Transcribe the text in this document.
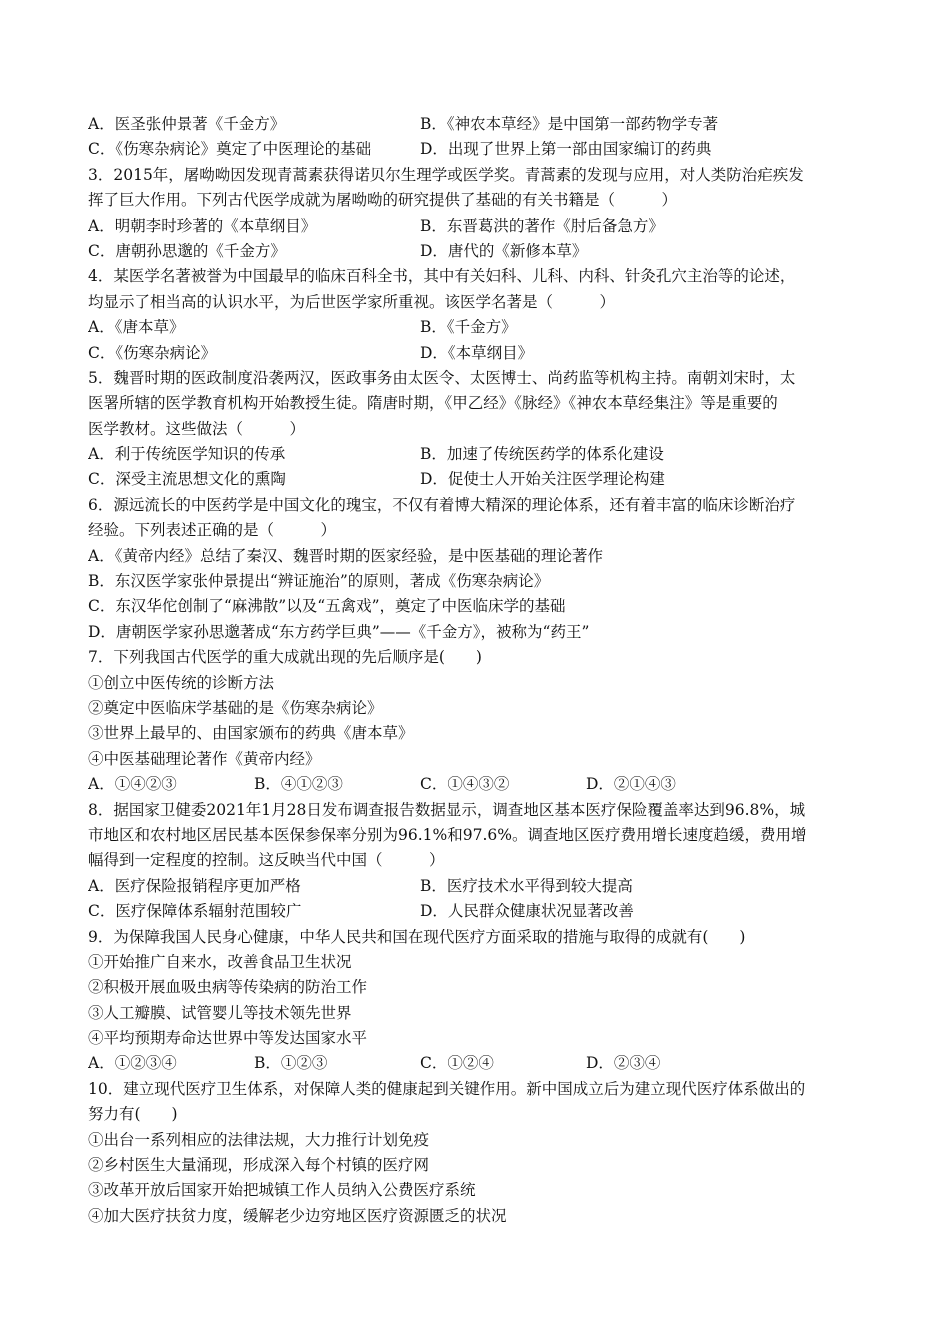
A．医圣张仲景著《千金方》	B．《神农本草经》是中国第一部药物学专著
C．《伤寒杂病论》奠定了中医理论的基础	D．出现了世界上第一部由国家编订的药典
3．2015年，屠呦呦因发现青蒿素获得诺贝尔生理学或医学奖。青蒿素的发现与应用，对人类防治疟疾发
挥了巨大作用。下列古代医学成就为屠呦呦的研究提供了基础的有关书籍是（　　　）
A．明朝李时珍著的《本草纲目》	B．东晋葛洪的著作《肘后备急方》
C．唐朝孙思邈的《千金方》	D．唐代的《新修本草》
4．某医学名著被誉为中国最早的临床百科全书，其中有关妇科、儿科、内科、针灸孔穴主治等的论述，
均显示了相当高的认识水平，为后世医学家所重视。该医学名著是（　　　）
A．《唐本草》	B．《千金方》
C．《伤寒杂病论》	D．《本草纲目》
5．魏晋时期的医政制度沿袭两汉，医政事务由太医令、太医博士、尚药监等机构主持。南朝刘宋时，太
医署所辖的医学教育机构开始教授生徒。隋唐时期，《甲乙经》《脉经》《神农本草经集注》等是重要的
医学教材。这些做法（　　　）
A．利于传统医学知识的传承	B．加速了传统医药学的体系化建设
C．深受主流思想文化的熏陶	D．促使士人开始关注医学理论构建
6．源远流长的中医药学是中国文化的瑰宝，不仅有着博大精深的理论体系，还有着丰富的临床诊断治疗
经验。下列表述正确的是（　　　）
A．《黄帝内经》总结了秦汉、魏晋时期的医家经验，是中医基础的理论著作
B．东汉医学家张仲景提出“辨证施治”的原则，著成《伤寒杂病论》
C．东汉华佗创制了“麻沸散”以及“五禽戏”，奠定了中医临床学的基础
D．唐朝医学家孙思邈著成“东方药学巨典”——《千金方》，被称为“药王”
7．下列我国古代医学的重大成就出现的先后顺序是(　　)
①创立中医传统的诊断方法
②奠定中医临床学基础的是《伤寒杂病论》
③世界上最早的、由国家颁布的药典《唐本草》
④中医基础理论著作《黄帝内经》
A．①④②③	B．④①②③	C．①④③②	D．②①④③
8．据国家卫健委2021年1月28日发布调查报告数据显示，调查地区基本医疗保险覆盖率达到96.8%，城
市地区和农村地区居民基本医保参保率分别为96.1%和97.6%。调查地区医疗费用增长速度趋缓，费用增
幅得到一定程度的控制。这反映当代中国（　　　）
A．医疗保险报销程序更加严格	B．医疗技术水平得到较大提高
C．医疗保障体系辐射范围较广	D．人民群众健康状况显著改善
9．为保障我国人民身心健康，中华人民共和国在现代医疗方面采取的措施与取得的成就有(　　)
①开始推广自来水，改善食品卫生状况
②积极开展血吸虫病等传染病的防治工作
③人工瓣膜、试管婴儿等技术领先世界
④平均预期寿命达世界中等发达国家水平
A．①②③④	B．①②③	C．①②④	D．②③④
10．建立现代医疗卫生体系，对保障人类的健康起到关键作用。新中国成立后为建立现代医疗体系做出的
努力有(　　)
①出台一系列相应的法律法规，大力推行计划免疫
②乡村医生大量涌现，形成深入每个村镇的医疗网
③改革开放后国家开始把城镇工作人员纳入公费医疗系统
④加大医疗扶贫力度，缓解老少边穷地区医疗资源匮乏的状况
